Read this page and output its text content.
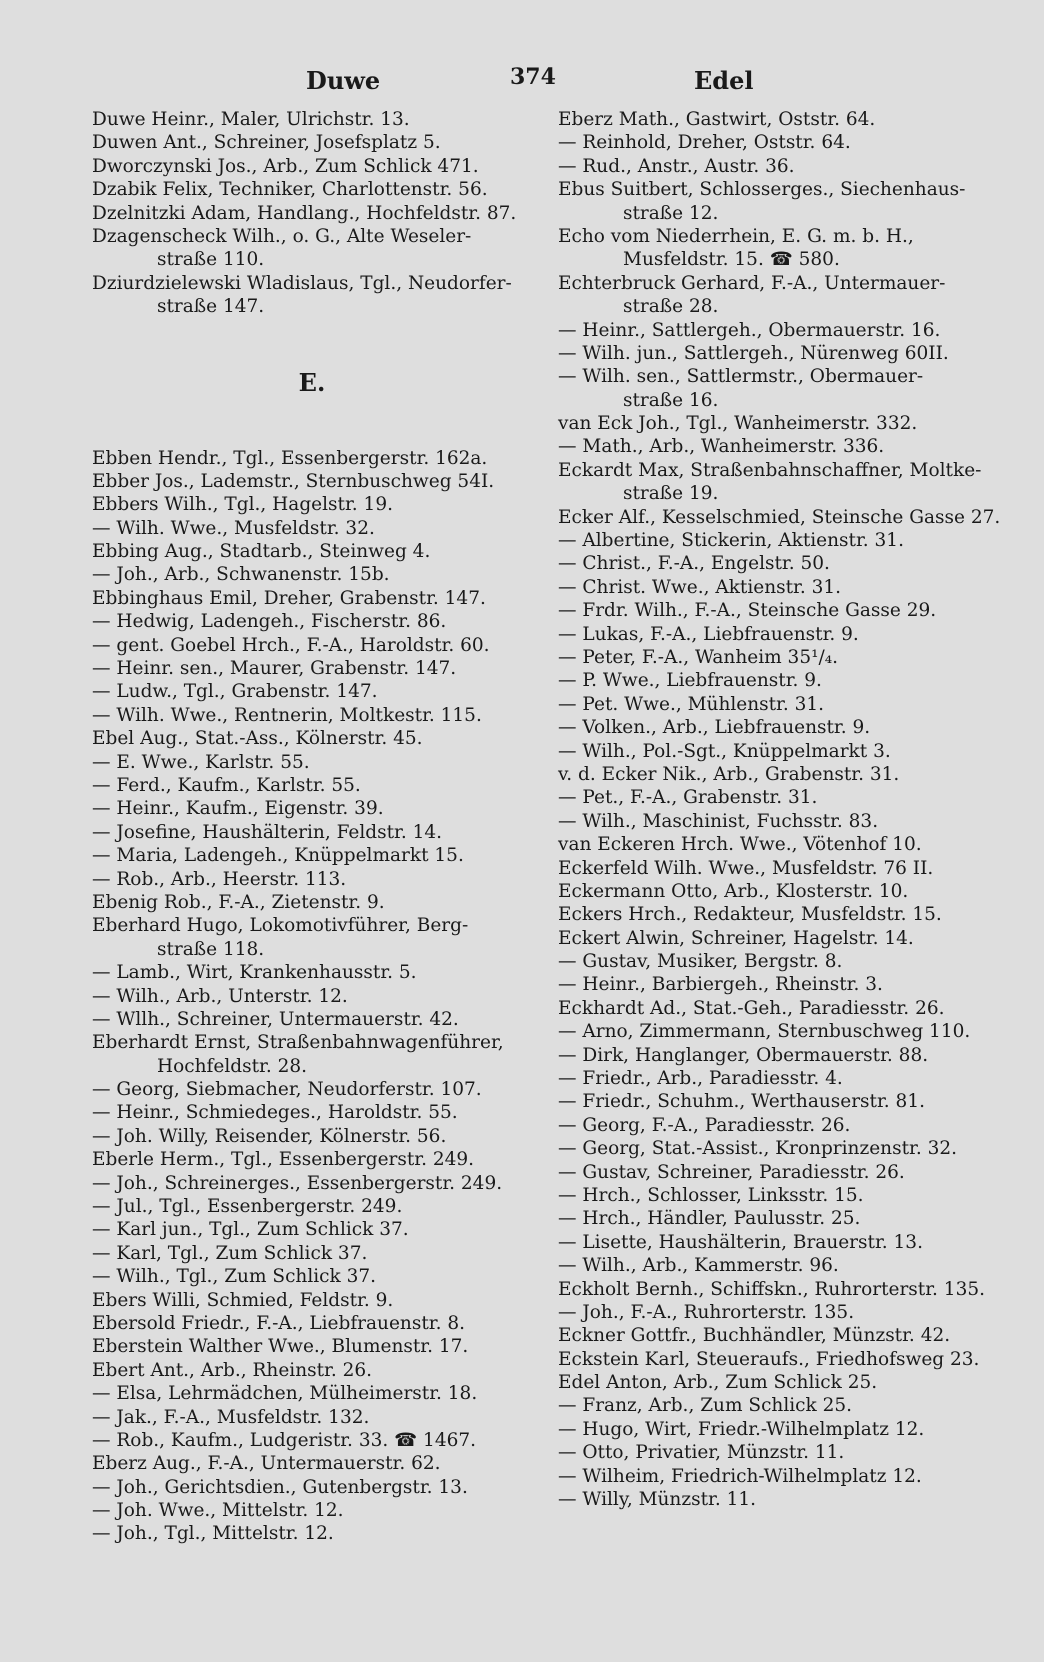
Duwe	374	Edel
Duwe Heinr., Maler, Ulrichstr. 13.
Duwen Ant., Schreiner, Josefsplatz 5.
Dworczynski Jos., Arb., Zum Schlick 471.
Dzabik Felix, Techniker, Charlottenstr. 56.
Dzelnitzki Adam, Handlang., Hochfeldstr. 87.
Dzagenscheck Wilh., o. G., Alte Weseler-
straße 110.
Dziurdzielewski Wladislaus, Tgl., Neudorfer-
straße 147.
E.
Ebben Hendr., Tgl., Essenbergerstr. 162a.
Ebber Jos., Lademstr., Sternbuschweg 54I.
Ebbers Wilh., Tgl., Hagelstr. 19.
— Wilh. Wwe., Musfeldstr. 32.
Ebbing Aug., Stadtarb., Steinweg 4.
— Joh., Arb., Schwanenstr. 15b.
Ebbinghaus Emil, Dreher, Grabenstr. 147.
— Hedwig, Ladengeh., Fischerstr. 86.
— gent. Goebel Hrch., F.-A., Haroldstr. 60.
— Heinr. sen., Maurer, Grabenstr. 147.
— Ludw., Tgl., Grabenstr. 147.
— Wilh. Wwe., Rentnerin, Moltkestr. 115.
Ebel Aug., Stat.-Ass., Kölnerstr. 45.
— E. Wwe., Karlstr. 55.
— Ferd., Kaufm., Karlstr. 55.
— Heinr., Kaufm., Eigenstr. 39.
— Josefine, Haushälterin, Feldstr. 14.
— Maria, Ladengeh., Knüppelmarkt 15.
— Rob., Arb., Heerstr. 113.
Ebenig Rob., F.-A., Zietenstr. 9.
Eberhard Hugo, Lokomotivführer, Berg-
straße 118.
— Lamb., Wirt, Krankenhausstr. 5.
— Wilh., Arb., Unterstr. 12.
— Wllh., Schreiner, Untermauerstr. 42.
Eberhardt Ernst, Straßenbahnwagenführer,
Hochfeldstr. 28.
— Georg, Siebmacher, Neudorferstr. 107.
— Heinr., Schmiedeges., Haroldstr. 55.
— Joh. Willy, Reisender, Kölnerstr. 56.
Eberle Herm., Tgl., Essenbergerstr. 249.
— Joh., Schreinerges., Essenbergerstr. 249.
— Jul., Tgl., Essenbergerstr. 249.
— Karl jun., Tgl., Zum Schlick 37.
— Karl, Tgl., Zum Schlick 37.
— Wilh., Tgl., Zum Schlick 37.
Ebers Willi, Schmied, Feldstr. 9.
Ebersold Friedr., F.-A., Liebfrauenstr. 8.
Eberstein Walther Wwe., Blumenstr. 17.
Ebert Ant., Arb., Rheinstr. 26.
— Elsa, Lehrmädchen, Mülheimerstr. 18.
— Jak., F.-A., Musfeldstr. 132.
— Rob., Kaufm., Ludgeristr. 33. ☎ 1467.
Eberz Aug., F.-A., Untermauerstr. 62.
— Joh., Gerichtsdien., Gutenbergstr. 13.
— Joh. Wwe., Mittelstr. 12.
— Joh., Tgl., Mittelstr. 12.
Eberz Math., Gastwirt, Oststr. 64.
— Reinhold, Dreher, Oststr. 64.
— Rud., Anstr., Austr. 36.
Ebus Suitbert, Schlosserges., Siechenhaus-
straße 12.
Echo vom Niederrhein, E. G. m. b. H.,
Musfeldstr. 15. ☎ 580.
Echterbruck Gerhard, F.-A., Untermauer-
straße 28.
— Heinr., Sattlergeh., Obermauerstr. 16.
— Wilh. jun., Sattlergeh., Nürenweg 60II.
— Wilh. sen., Sattlermstr., Obermauer-
straße 16.
van Eck Joh., Tgl., Wanheimerstr. 332.
— Math., Arb., Wanheimerstr. 336.
Eckardt Max, Straßenbahnschaffner, Moltke-
straße 19.
Ecker Alf., Kesselschmied, Steinsche Gasse 27.
— Albertine, Stickerin, Aktienstr. 31.
— Christ., F.-A., Engelstr. 50.
— Christ. Wwe., Aktienstr. 31.
— Frdr. Wilh., F.-A., Steinsche Gasse 29.
— Lukas, F.-A., Liebfrauenstr. 9.
— Peter, F.-A., Wanheim 35¹/₄.
— P. Wwe., Liebfrauenstr. 9.
— Pet. Wwe., Mühlenstr. 31.
— Volken., Arb., Liebfrauenstr. 9.
— Wilh., Pol.-Sgt., Knüppelmarkt 3.
v. d. Ecker Nik., Arb., Grabenstr. 31.
— Pet., F.-A., Grabenstr. 31.
— Wilh., Maschinist, Fuchsstr. 83.
van Eckeren Hrch. Wwe., Vötenhof 10.
Eckerfeld Wilh. Wwe., Musfeldstr. 76 II.
Eckermann Otto, Arb., Klosterstr. 10.
Eckers Hrch., Redakteur, Musfeldstr. 15.
Eckert Alwin, Schreiner, Hagelstr. 14.
— Gustav, Musiker, Bergstr. 8.
— Heinr., Barbiergeh., Rheinstr. 3.
Eckhardt Ad., Stat.-Geh., Paradiesstr. 26.
— Arno, Zimmermann, Sternbuschweg 110.
— Dirk, Hanglanger, Obermauerstr. 88.
— Friedr., Arb., Paradiesstr. 4.
— Friedr., Schuhm., Werthauserstr. 81.
— Georg, F.-A., Paradiesstr. 26.
— Georg, Stat.-Assist., Kronprinzenstr. 32.
— Gustav, Schreiner, Paradiesstr. 26.
— Hrch., Schlosser, Linksstr. 15.
— Hrch., Händler, Paulusstr. 25.
— Lisette, Haushälterin, Brauerstr. 13.
— Wilh., Arb., Kammerstr. 96.
Eckholt Bernh., Schiffskn., Ruhrorterstr. 135.
— Joh., F.-A., Ruhrorterstr. 135.
Eckner Gottfr., Buchhändler, Münzstr. 42.
Eckstein Karl, Steueraufs., Friedhofsweg 23.
Edel Anton, Arb., Zum Schlick 25.
— Franz, Arb., Zum Schlick 25.
— Hugo, Wirt, Friedr.-Wilhelmplatz 12.
— Otto, Privatier, Münzstr. 11.
— Wilheim, Friedrich-Wilhelmplatz 12.
— Willy, Münzstr. 11.
